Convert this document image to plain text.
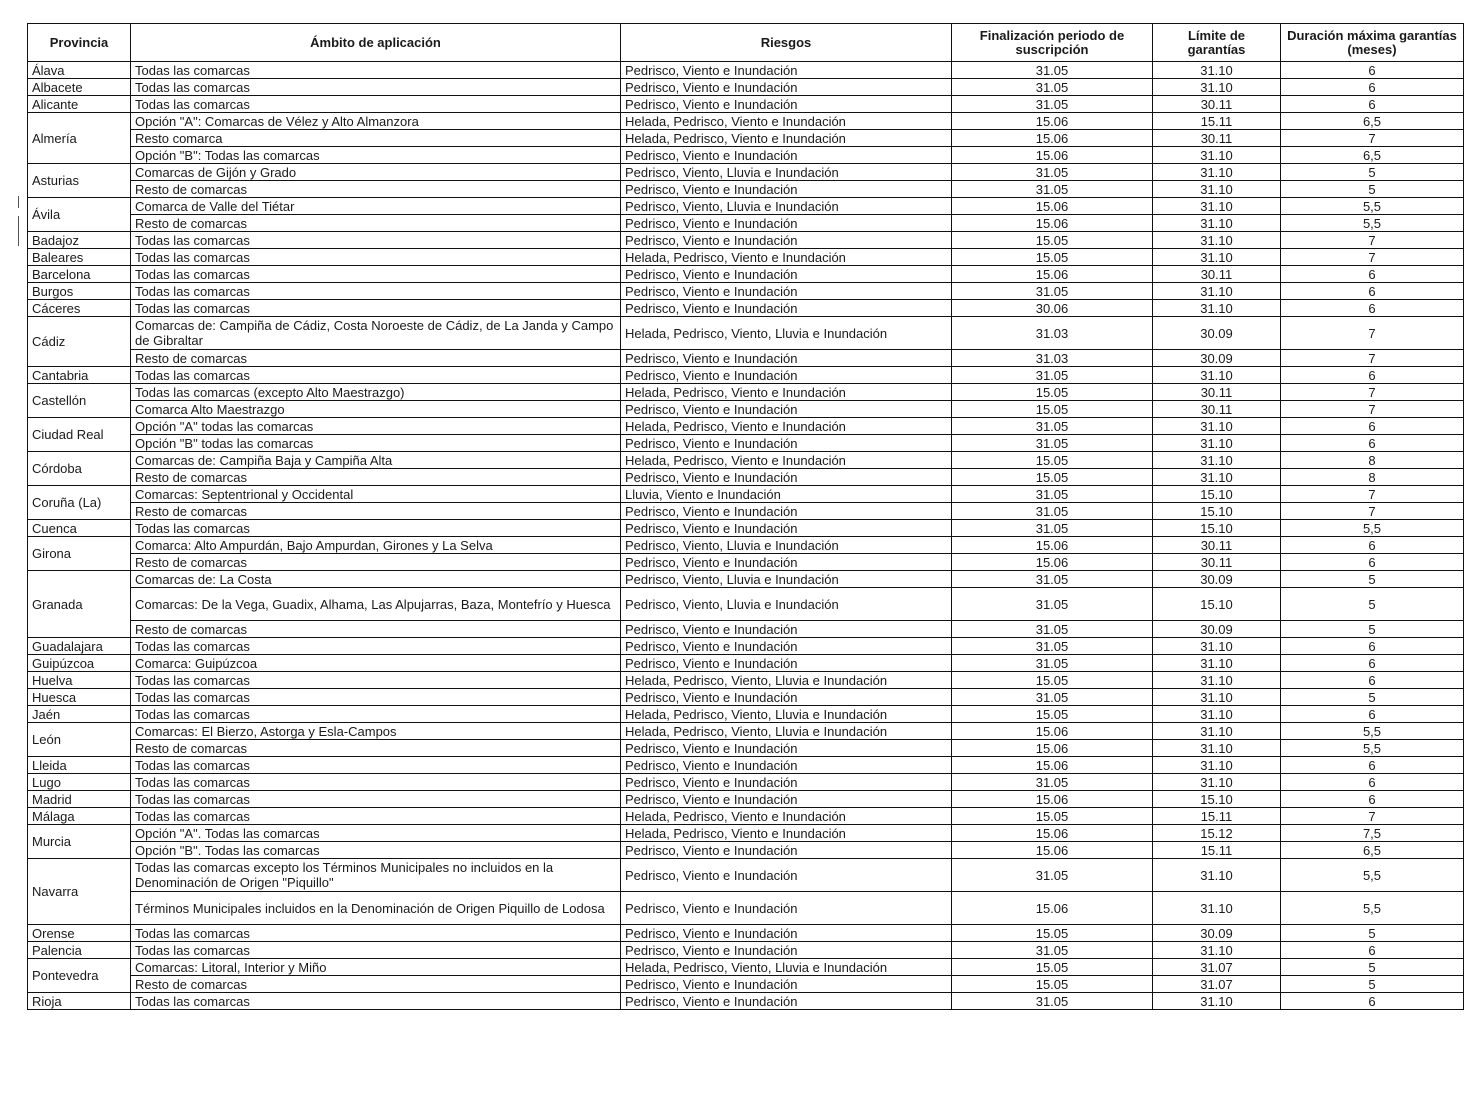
Provincia	Ámbito de aplicación	Riesgos	Finalización periodo de suscripción	Límite de garantías	Duración máxima garantías (meses)
Álava	Todas las comarcas	Pedrisco, Viento e Inundación	31.05	31.10	6
Albacete	Todas las comarcas	Pedrisco, Viento e Inundación	31.05	31.10	6
Alicante	Todas las comarcas	Pedrisco, Viento e Inundación	31.05	30.11	6
Almería	Opción "A": Comarcas de Vélez y Alto Almanzora	Helada, Pedrisco, Viento e Inundación	15.06	15.11	6,5
	Resto comarca	Helada, Pedrisco, Viento e Inundación	15.06	30.11	7
	Opción "B": Todas las comarcas	Pedrisco, Viento e Inundación	15.06	31.10	6,5
Asturias	Comarcas de Gijón y Grado	Pedrisco, Viento, Lluvia e Inundación	31.05	31.10	5
	Resto de comarcas	Pedrisco, Viento e Inundación	31.05	31.10	5
Ávila	Comarca de Valle del Tiétar	Pedrisco, Viento, Lluvia e Inundación	15.06	31.10	5,5
	Resto de comarcas	Pedrisco, Viento e Inundación	15.06	31.10	5,5
Badajoz	Todas las comarcas	Pedrisco, Viento e Inundación	15.05	31.10	7
Baleares	Todas las comarcas	Helada, Pedrisco, Viento e Inundación	15.05	31.10	7
Barcelona	Todas las comarcas	Pedrisco, Viento e Inundación	15.06	30.11	6
Burgos	Todas las comarcas	Pedrisco, Viento e Inundación	31.05	31.10	6
Cáceres	Todas las comarcas	Pedrisco, Viento e Inundación	30.06	31.10	6
Cádiz	Comarcas de: Campiña de Cádiz, Costa Noroeste de Cádiz, de La Janda y Campo de Gibraltar	Helada, Pedrisco, Viento, Lluvia e Inundación	31.03	30.09	7
	Resto de comarcas	Pedrisco, Viento e Inundación	31.03	30.09	7
Cantabria	Todas las comarcas	Pedrisco, Viento e Inundación	31.05	31.10	6
Castellón	Todas las comarcas (excepto Alto Maestrazgo)	Helada, Pedrisco, Viento e Inundación	15.05	30.11	7
	Comarca Alto Maestrazgo	Pedrisco, Viento e Inundación	15.05	30.11	7
Ciudad Real	Opción "A" todas las comarcas	Helada, Pedrisco, Viento e Inundación	31.05	31.10	6
	Opción "B" todas las comarcas	Pedrisco, Viento e Inundación	31.05	31.10	6
Córdoba	Comarcas de: Campiña Baja y Campiña Alta	Helada, Pedrisco, Viento e Inundación	15.05	31.10	8
	Resto de comarcas	Pedrisco, Viento e Inundación	15.05	31.10	8
Coruña (La)	Comarcas: Septentrional y Occidental	Lluvia, Viento e Inundación	31.05	15.10	7
	Resto de comarcas	Pedrisco, Viento e Inundación	31.05	15.10	7
Cuenca	Todas las comarcas	Pedrisco, Viento e Inundación	31.05	15.10	5,5
Girona	Comarca: Alto Ampurdán, Bajo Ampurdan, Girones y La Selva	Pedrisco, Viento, Lluvia e Inundación	15.06	30.11	6
	Resto de comarcas	Pedrisco, Viento e Inundación	15.06	30.11	6
Granada	Comarcas de: La Costa	Pedrisco, Viento, Lluvia e Inundación	31.05	30.09	5
	Comarcas: De la Vega, Guadix, Alhama, Las Alpujarras, Baza, Montefrío y Huesca	Pedrisco, Viento, Lluvia e Inundación	31.05	15.10	5
	Resto de comarcas	Pedrisco, Viento e Inundación	31.05	30.09	5
Guadalajara	Todas las comarcas	Pedrisco, Viento e Inundación	31.05	31.10	6
Guipúzcoa	Comarca: Guipúzcoa	Pedrisco, Viento e Inundación	31.05	31.10	6
Huelva	Todas las comarcas	Helada, Pedrisco, Viento, Lluvia e Inundación	15.05	31.10	6
Huesca	Todas las comarcas	Pedrisco, Viento e Inundación	31.05	31.10	5
Jaén	Todas las comarcas	Helada, Pedrisco, Viento, Lluvia e Inundación	15.05	31.10	6
León	Comarcas: El Bierzo, Astorga y Esla-Campos	Helada, Pedrisco, Viento, Lluvia e Inundación	15.06	31.10	5,5
	Resto de comarcas	Pedrisco, Viento e Inundación	15.06	31.10	5,5
Lleida	Todas las comarcas	Pedrisco, Viento e Inundación	15.06	31.10	6
Lugo	Todas las comarcas	Pedrisco, Viento e Inundación	31.05	31.10	6
Madrid	Todas las comarcas	Pedrisco, Viento e Inundación	15.06	15.10	6
Málaga	Todas las comarcas	Helada, Pedrisco, Viento e Inundación	15.05	15.11	7
Murcia	Opción "A". Todas las comarcas	Helada, Pedrisco, Viento e Inundación	15.06	15.12	7,5
	Opción "B". Todas las comarcas	Pedrisco, Viento e Inundación	15.06	15.11	6,5
Navarra	Todas las comarcas excepto los Términos Municipales no incluidos en la Denominación de Origen "Piquillo"	Pedrisco, Viento e Inundación	31.05	31.10	5,5
	Términos Municipales incluidos en la Denominación de Origen Piquillo de Lodosa	Pedrisco, Viento e Inundación	15.06	31.10	5,5
Orense	Todas las comarcas	Pedrisco, Viento e Inundación	15.05	30.09	5
Palencia	Todas las comarcas	Pedrisco, Viento e Inundación	31.05	31.10	6
Pontevedra	Comarcas: Litoral, Interior y Miño	Helada, Pedrisco, Viento, Lluvia e Inundación	15.05	31.07	5
	Resto de comarcas	Pedrisco, Viento e Inundación	15.05	31.07	5
Rioja	Todas las comarcas	Pedrisco, Viento e Inundación	31.05	31.10	6
